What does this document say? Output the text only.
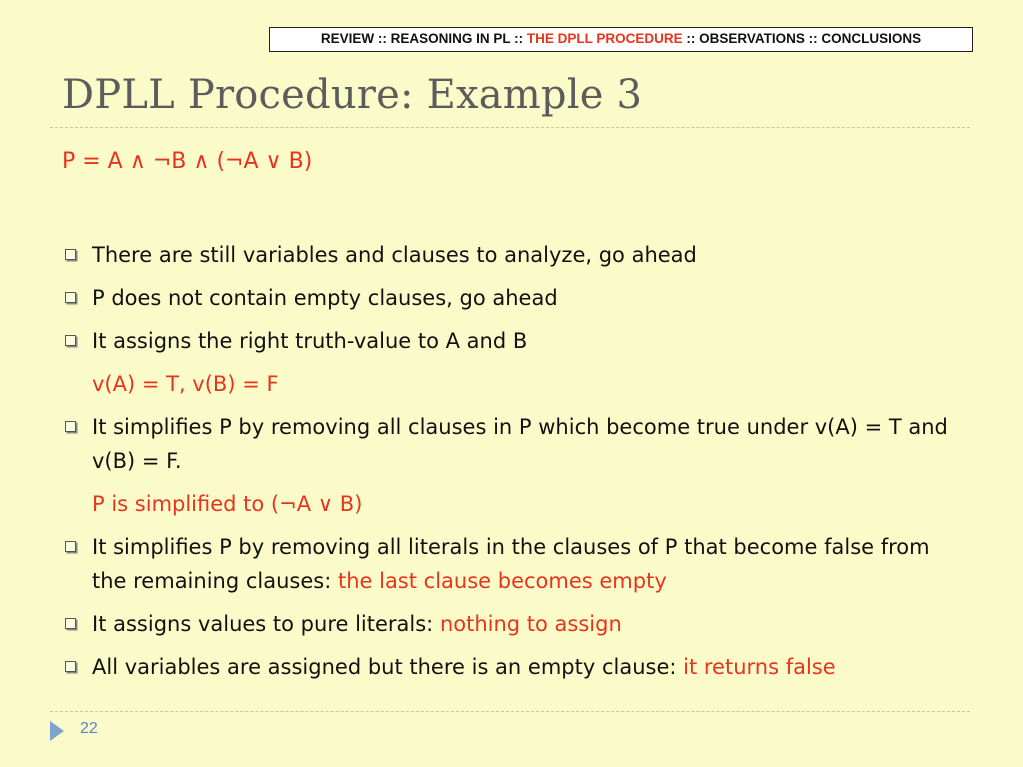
REVIEW :: REASONING IN PL :: THE DPLL PROCEDURE :: OBSERVATIONS :: CONCLUSIONS
DPLL Procedure: Example 3
P = A ∧ ¬B ∧ (¬A ∨ B)
There are still variables and clauses to analyze, go ahead
P does not contain empty clauses, go ahead
It assigns the right truth-value to A and B
v(A) = T, v(B) = F
It simplifies P by removing all clauses in P which become true under v(A) = T and v(B) = F.
P is simplified to (¬A ∨ B)
It simplifies P by removing all literals in the clauses of P that become false from the remaining clauses: the last clause becomes empty
It assigns values to pure literals: nothing to assign
All variables are assigned but there is an empty clause: it returns false
22
